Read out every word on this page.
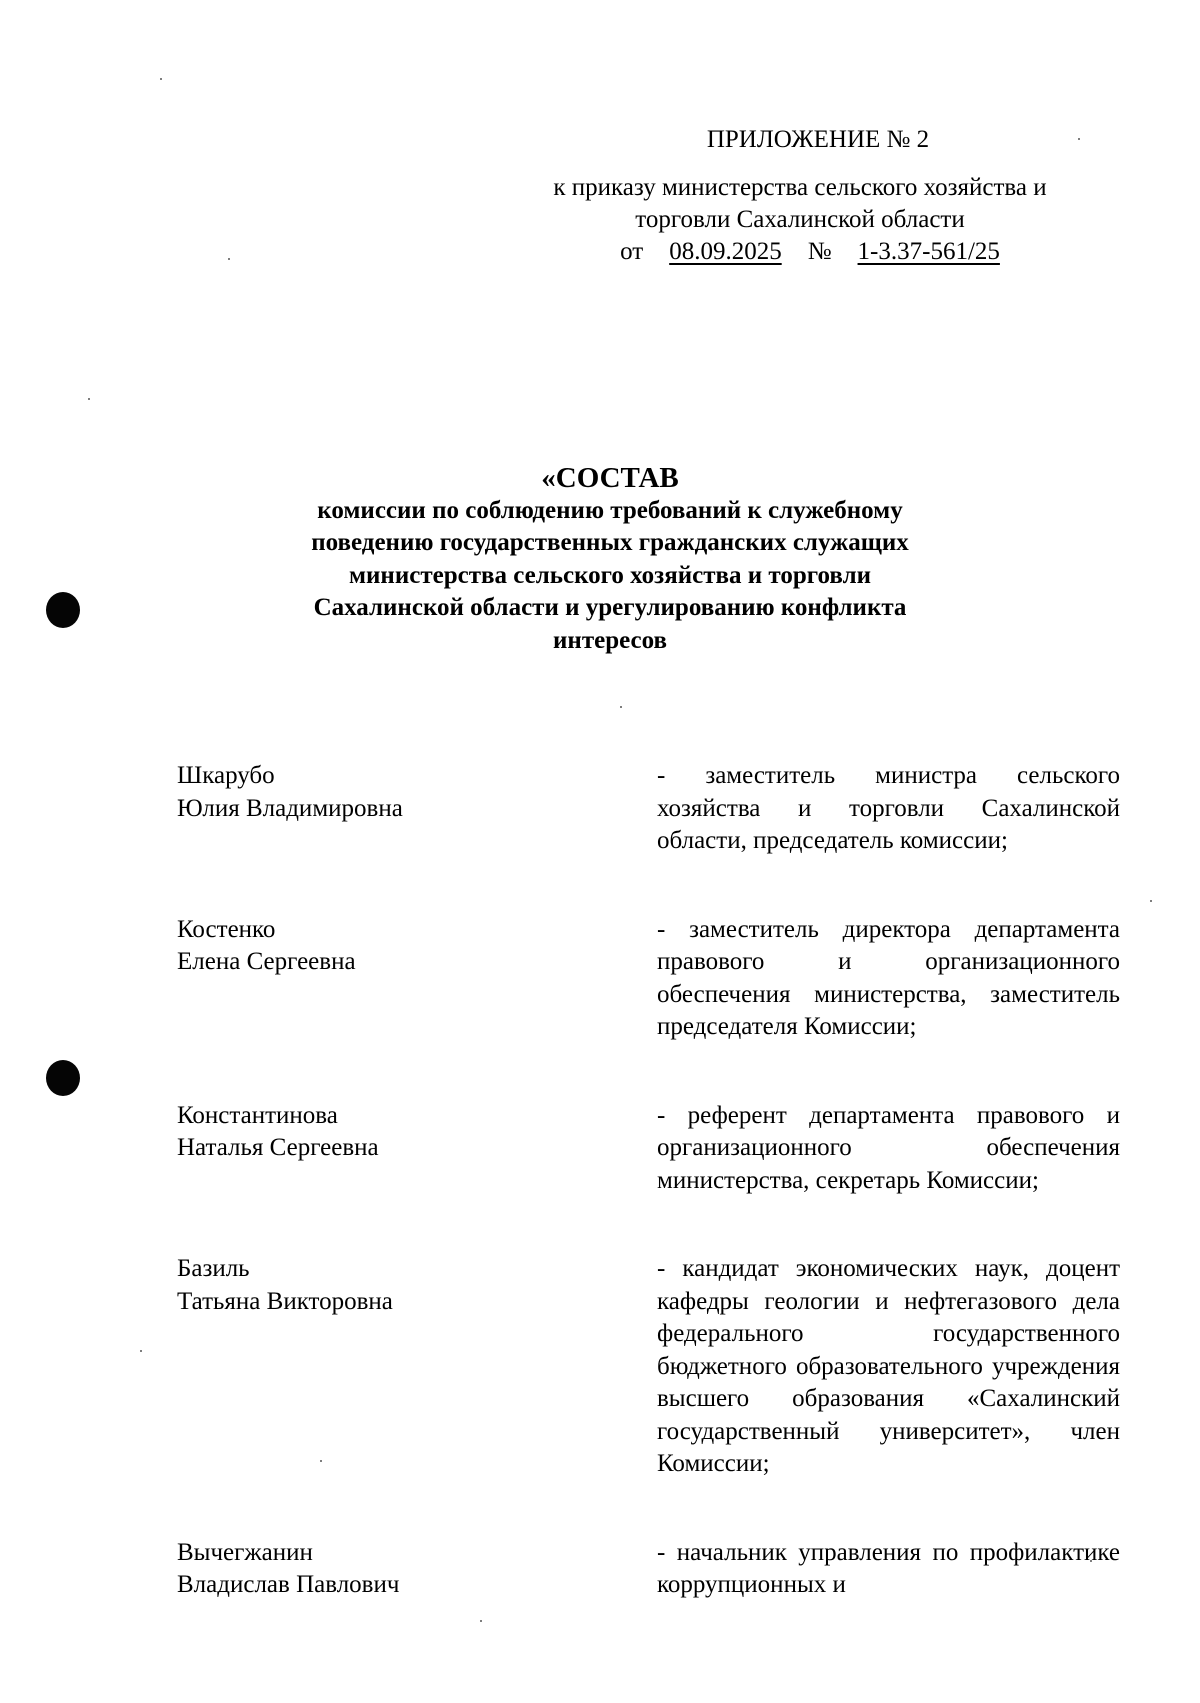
ПРИЛОЖЕНИЕ № 2
к приказу министерства сельского хозяйства и
торговли Сахалинской области
от 08.09.2025 № 1-3.37-561/25
«СОСТАВ
комиссии по соблюдению требований к служебному
поведению государственных гражданских служащих
министерства сельского хозяйства и торговли
Сахалинской области и урегулированию конфликта
интересов
Шкарубо
Юлия Владимировна
- заместитель министра сельского хозяйства и торговли Сахалинской области, председатель комиссии;
Костенко
Елена Сергеевна
- заместитель директора департамента правового и организационного обеспечения министерства, заместитель председателя Комиссии;
Константинова
Наталья Сергеевна
- референт департамента правового и организационного обеспечения министерства, секретарь Комиссии;
Базиль
Татьяна Викторовна
- кандидат экономических наук, доцент кафедры геологии и нефтегазового дела федерального государственного бюджетного образовательного учреждения высшего образования «Сахалинский государственный университет», член Комиссии;
Вычегжанин
Владислав Павлович
- начальник управления по профилактике коррупционных и
